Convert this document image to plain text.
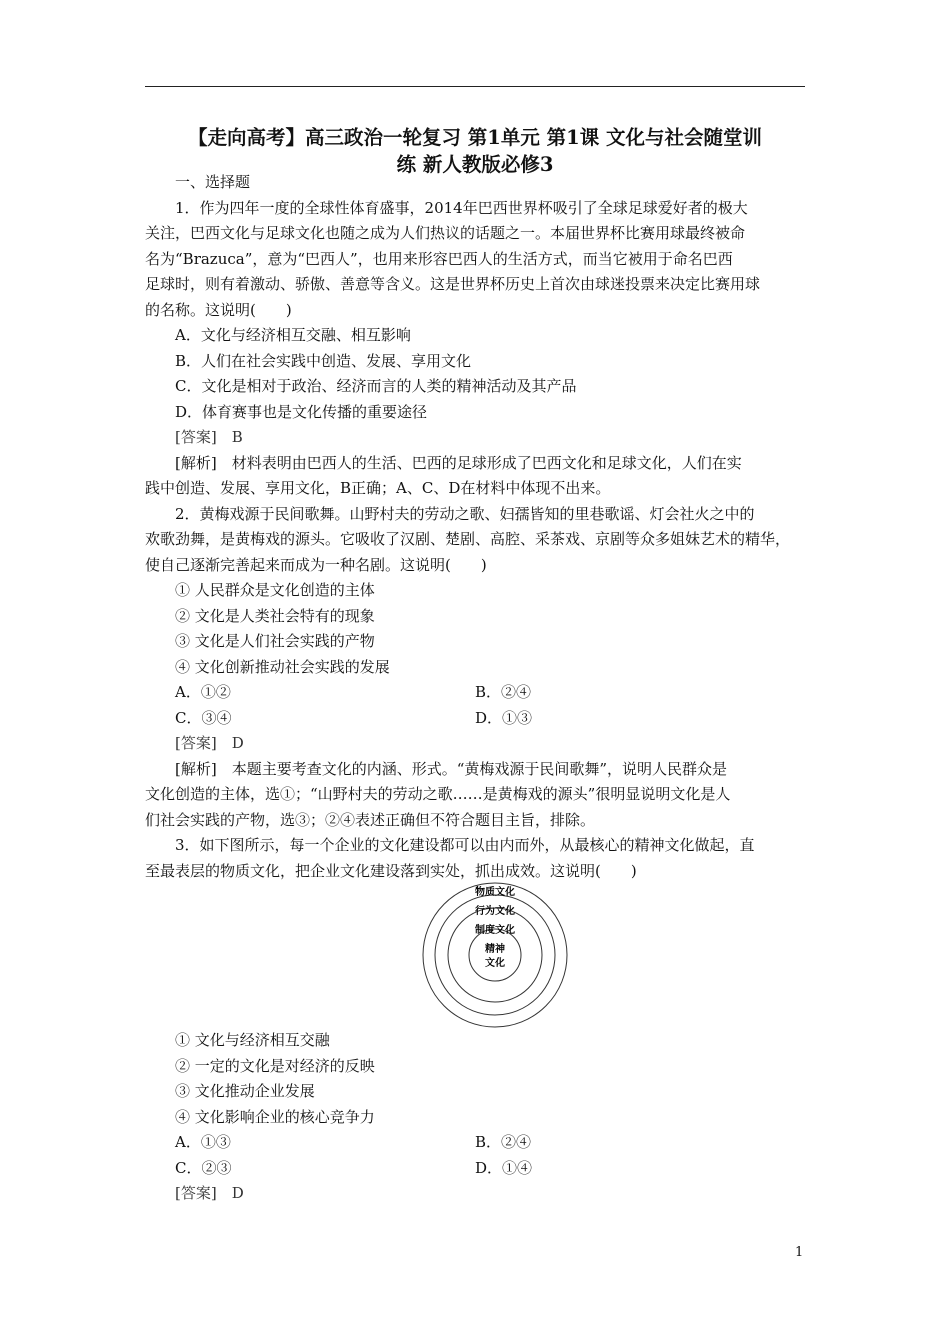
【走向高考】高三政治一轮复习 第1单元 第1课 文化与社会随堂训
练 新人教版必修3

一、选择题

1．作为四年一度的全球性体育盛事，2014年巴西世界杯吸引了全球足球爱好者的极大

关注，巴西文化与足球文化也随之成为人们热议的话题之一。本届世界杯比赛用球最终被命

名为“Brazuca”，意为“巴西人”，也用来形容巴西人的生活方式，而当它被用于命名巴西

足球时，则有着激动、骄傲、善意等含义。这是世界杯历史上首次由球迷投票来决定比赛用球

的名称。这说明(　　)

A．文化与经济相互交融、相互影响

B．人们在社会实践中创造、发展、享用文化

C．文化是相对于政治、经济而言的人类的精神活动及其产品

D．体育赛事也是文化传播的重要途径

[答案]　B

[解析]　材料表明由巴西人的生活、巴西的足球形成了巴西文化和足球文化，人们在实

践中创造、发展、享用文化，B正确；A、C、D在材料中体现不出来。

2．黄梅戏源于民间歌舞。山野村夫的劳动之歌、妇孺皆知的里巷歌谣、灯会社火之中的

欢歌劲舞，是黄梅戏的源头。它吸收了汉剧、楚剧、高腔、采茶戏、京剧等众多姐妹艺术的精华，

使自己逐渐完善起来而成为一种名剧。这说明(　　)

① 人民群众是文化创造的主体

② 文化是人类社会特有的现象

③ 文化是人们社会实践的产物

④ 文化创新推动社会实践的发展

A．①②	B．②④
C．③④	D．①③

[答案]　D

[解析]　本题主要考查文化的内涵、形式。“黄梅戏源于民间歌舞”，说明人民群众是

文化创造的主体，选①；“山野村夫的劳动之歌……是黄梅戏的源头”很明显说明文化是人

们社会实践的产物，选③；②④表述正确但不符合题目主旨，排除。

3．如下图所示，每一个企业的文化建设都可以由内而外，从最核心的精神文化做起，直

至最表层的物质文化，把企业文化建设落到实处，抓出成效。这说明(　　)

物质文化
行为文化
制度文化
精神
文化

① 文化与经济相互交融

② 一定的文化是对经济的反映

③ 文化推动企业发展

④ 文化影响企业的核心竞争力

A．①③	B．②④
C．②③	D．①④

[答案]　D

1
